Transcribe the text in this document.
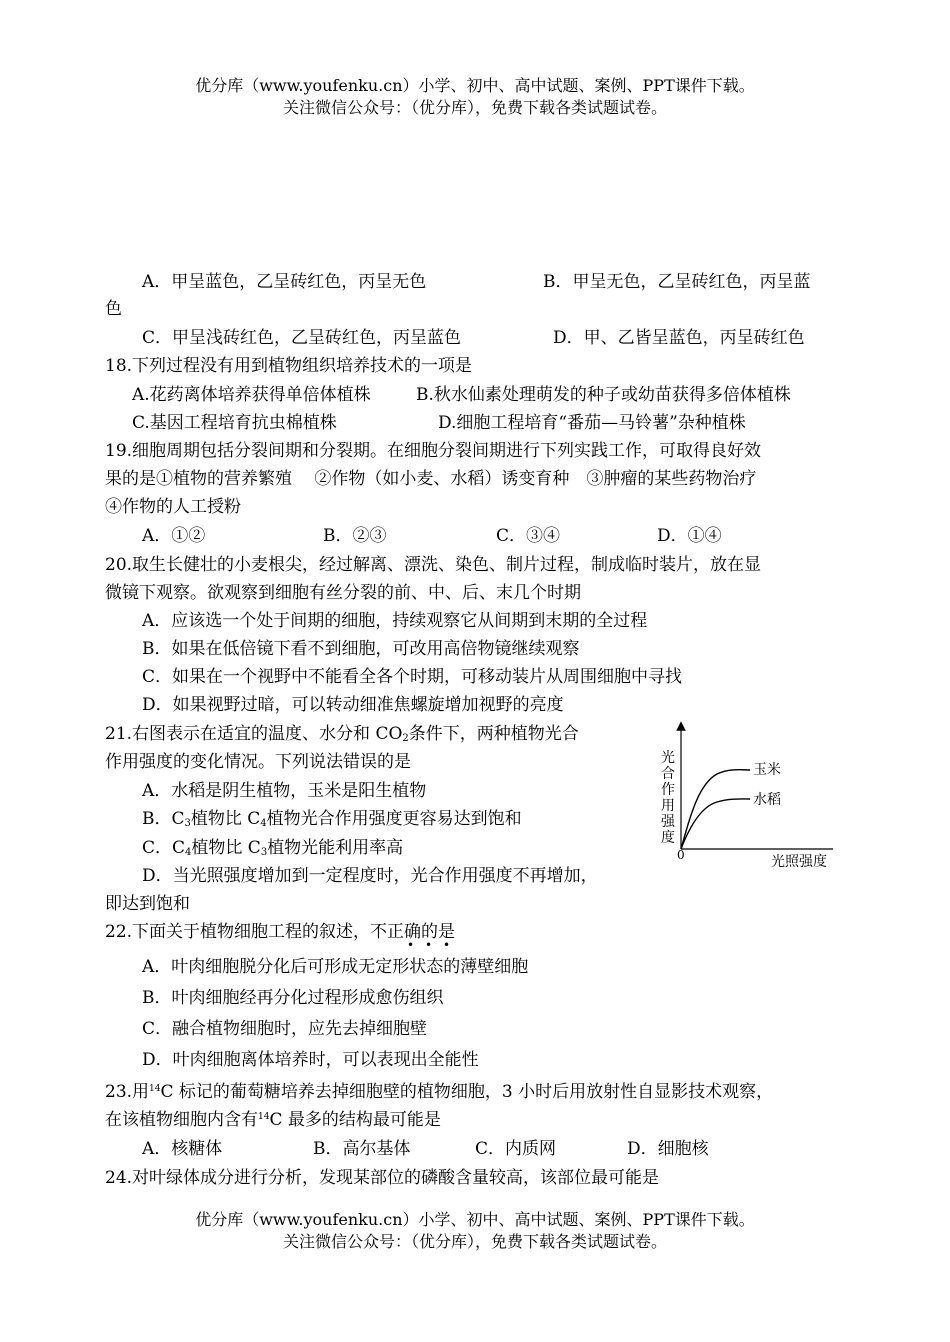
优分库（www.youfenku.cn）小学、初中、高中试题、案例、PPT课件下载。
关注微信公众号：（优分库），免费下载各类试题试卷。
A．甲呈蓝色，乙呈砖红色，丙呈无色	B．甲呈无色，乙呈砖红色，丙呈蓝
色
C．甲呈浅砖红色，乙呈砖红色，丙呈蓝色	D．甲、乙皆呈蓝色，丙呈砖红色
18.下列过程没有用到植物组织培养技术的一项是
A.花药离体培养获得单倍体植株	B.秋水仙素处理萌发的种子或幼苗获得多倍体植株
C.基因工程培育抗虫棉植株	D.细胞工程培育“番茄—马铃薯”杂种植株
19.细胞周期包括分裂间期和分裂期。在细胞分裂间期进行下列实践工作，可取得良好效
果的是①植物的营养繁殖　 ②作物（如小麦、水稻）诱变育种　③肿瘤的某些药物治疗
④作物的人工授粉
A．①②	B．②③	C．③④	D．①④
20.取生长健壮的小麦根尖，经过解离、漂洗、染色、制片过程，制成临时装片，放在显
微镜下观察。欲观察到细胞有丝分裂的前、中、后、末几个时期
A．应该选一个处于间期的细胞，持续观察它从间期到末期的全过程
B．如果在低倍镜下看不到细胞，可改用高倍物镜继续观察
C．如果在一个视野中不能看全各个时期，可移动装片从周围细胞中寻找
D．如果视野过暗，可以转动细准焦螺旋增加视野的亮度
21.右图表示在适宜的温度、水分和 $CO_2$条件下，两种植物光合
作用强度的变化情况。下列说法错误的是
A．水稻是阴生植物，玉米是阳生植物
B．$C_3$植物比 $C_4$植物光合作用强度更容易达到饱和
C．$C_4$植物比 $C_3$植物光能利用率高
D．当光照强度增加到一定程度时，光合作用强度不再增加，
即达到饱和
玉米
水稻
0	光照强度
光
合
作
用
强
度
22.下面关于植物细胞工程的叙述，不正确的是
• • •
A．叶肉细胞脱分化后可形成无定形状态的薄壁细胞
B．叶肉细胞经再分化过程形成愈伤组织
C．融合植物细胞时，应先去掉细胞壁
D．叶肉细胞离体培养时，可以表现出全能性
23.用$^{14}$C 标记的葡萄糖培养去掉细胞壁的植物细胞，3 小时后用放射性自显影技术观察，
在该植物细胞内含有$^{14}$C 最多的结构最可能是
A．核糖体	B．高尔基体	C．内质网	D．细胞核
24.对叶绿体成分进行分析，发现某部位的磷酸含量较高，该部位最可能是
优分库（www.youfenku.cn）小学、初中、高中试题、案例、PPT课件下载。
关注微信公众号：（优分库），免费下载各类试题试卷。
